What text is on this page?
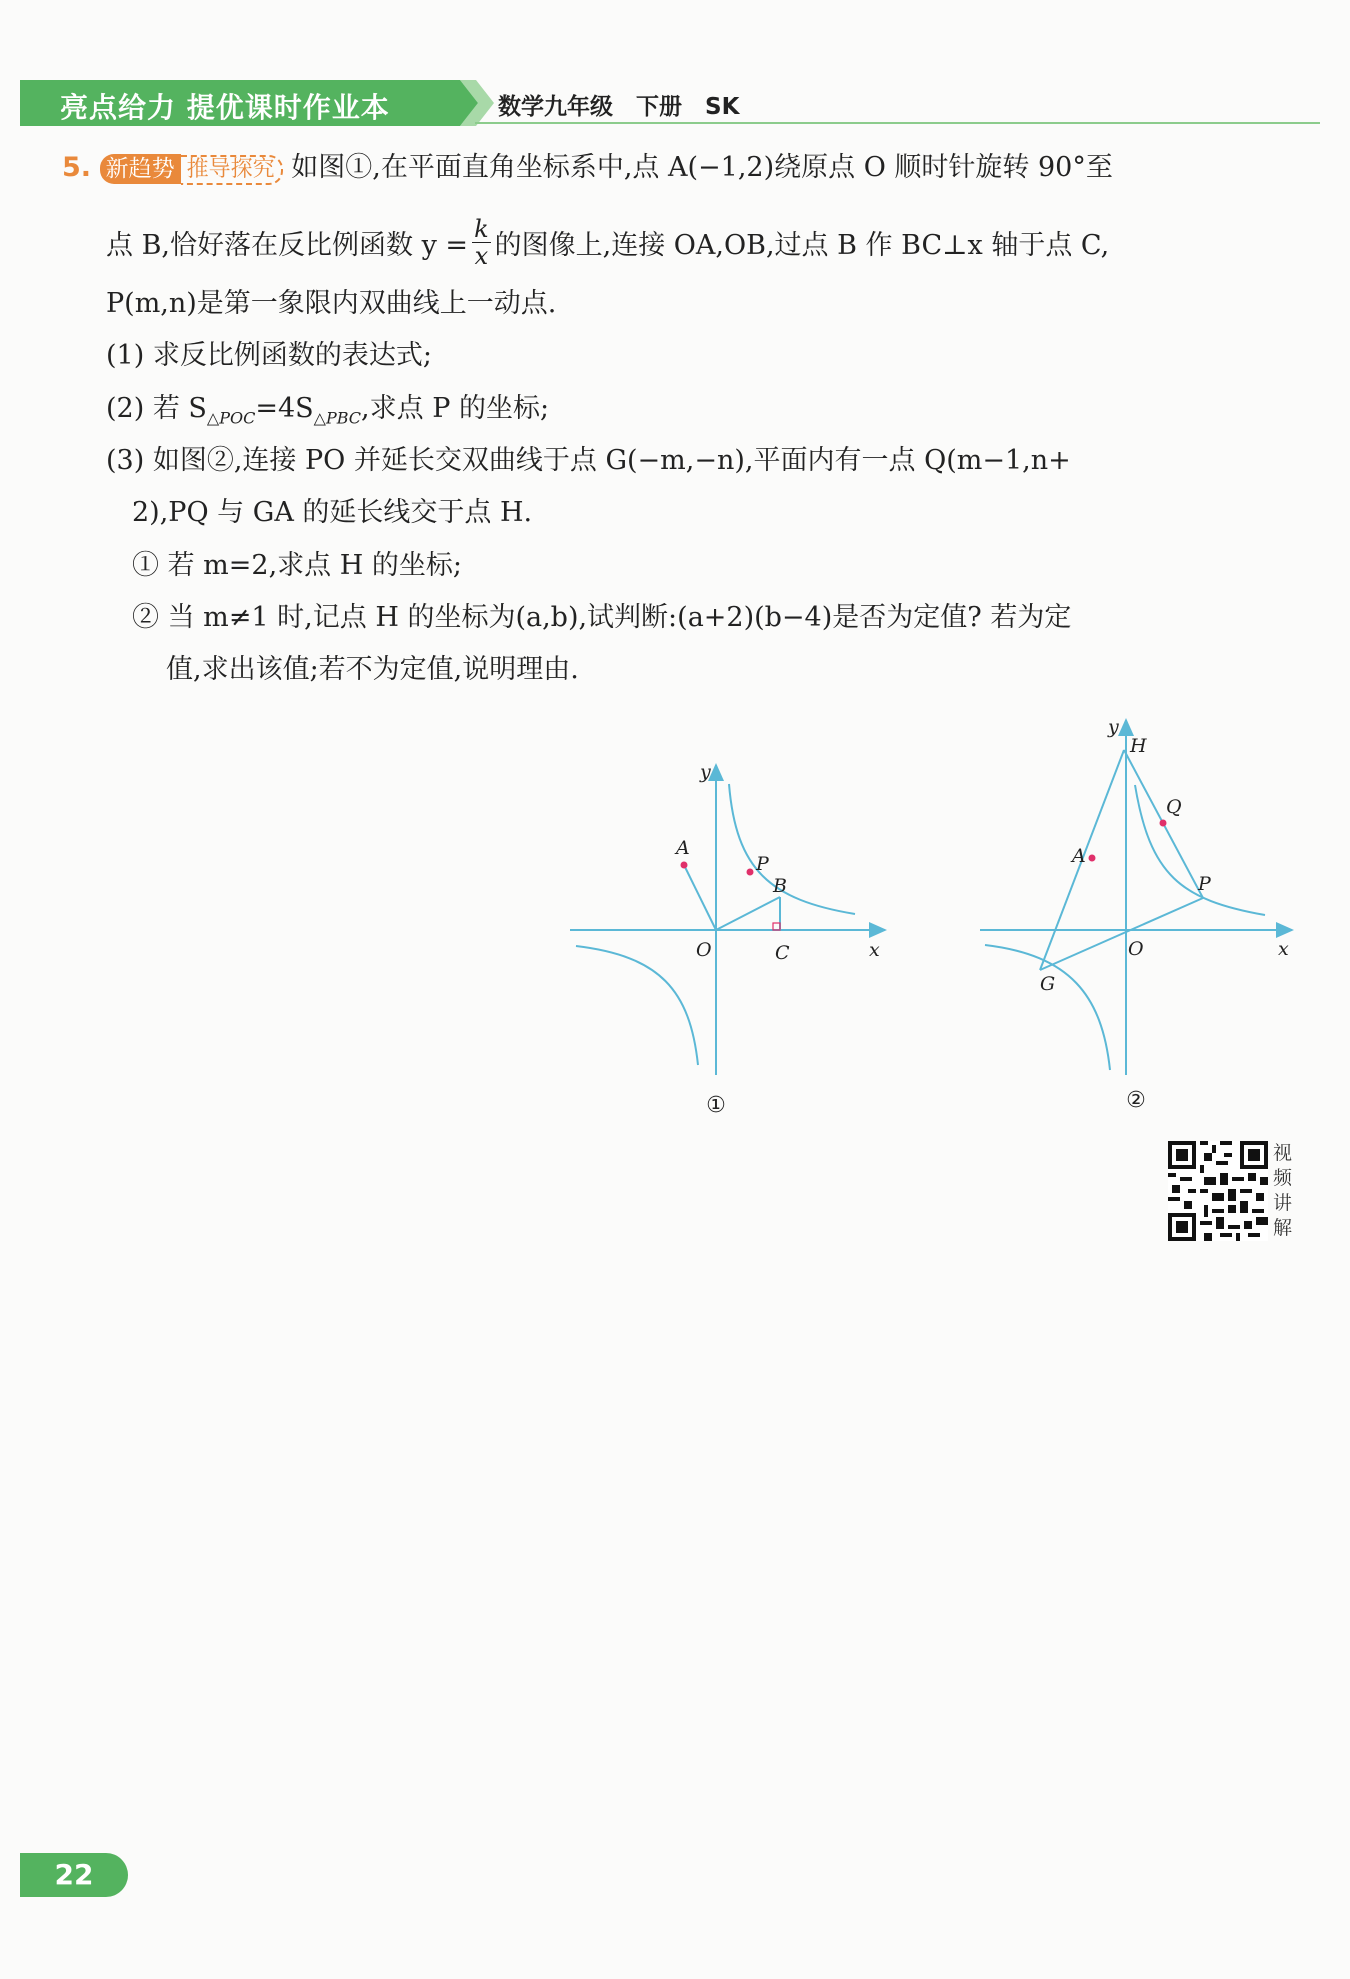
亮点给力 提优课时作业本	数学九年级　下册　SK
5. 新趋势 推导探究 如图①,在平面直角坐标系中,点 A(−1,2)绕原点 O 顺时针旋转 90°至
点 B,恰好落在反比例函数 $y = \frac{k}{x}$ 的图像上,连接 OA,OB,过点 B 作 BC⊥x 轴于点 C,
P(m,n)是第一象限内双曲线上一动点.
(1) 求反比例函数的表达式;
(2) 若 $S_{\triangle POC}=4S_{\triangle PBC}$,求点 P 的坐标;
(3) 如图②,连接 PO 并延长交双曲线于点 G(−m,−n),平面内有一点 Q(m−1,n+
2),PQ 与 GA 的延长线交于点 H.
① 若 m=2,求点 H 的坐标;
② 当 m≠1 时,记点 H 的坐标为(a,b),试判断:(a+2)(b−4)是否为定值? 若为定
值,求出该值;若不为定值,说明理由.
y
x
O
A
P
B
C
①
y
H
Q
A
P
O	x
G
②
视
频
讲
解
22
